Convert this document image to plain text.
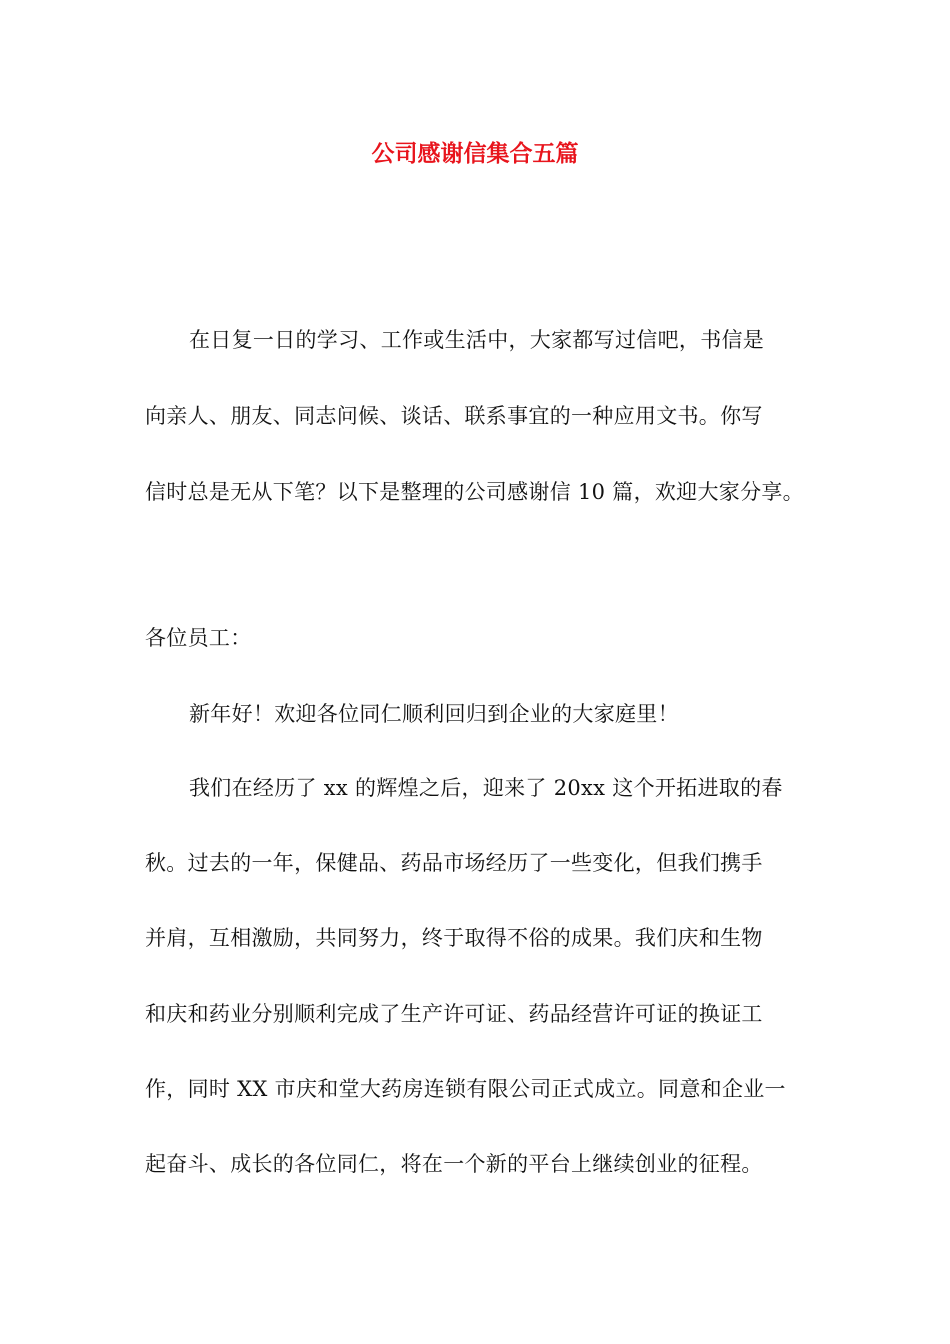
公司感谢信集合五篇
在日复一日的学习、工作或生活中，大家都写过信吧，书信是
向亲人、朋友、同志问候、谈话、联系事宜的一种应用文书。你写
信时总是无从下笔？以下是整理的公司感谢信 10 篇，欢迎大家分享。
各位员工：
新年好！欢迎各位同仁顺利回归到企业的大家庭里！
我们在经历了 xx 的辉煌之后，迎来了 20xx 这个开拓进取的春
秋。过去的一年，保健品、药品市场经历了一些变化，但我们携手
并肩，互相激励，共同努力，终于取得不俗的成果。我们庆和生物
和庆和药业分别顺利完成了生产许可证、药品经营许可证的换证工
作，同时 XX 市庆和堂大药房连锁有限公司正式成立。同意和企业一
起奋斗、成长的各位同仁，将在一个新的平台上继续创业的征程。
